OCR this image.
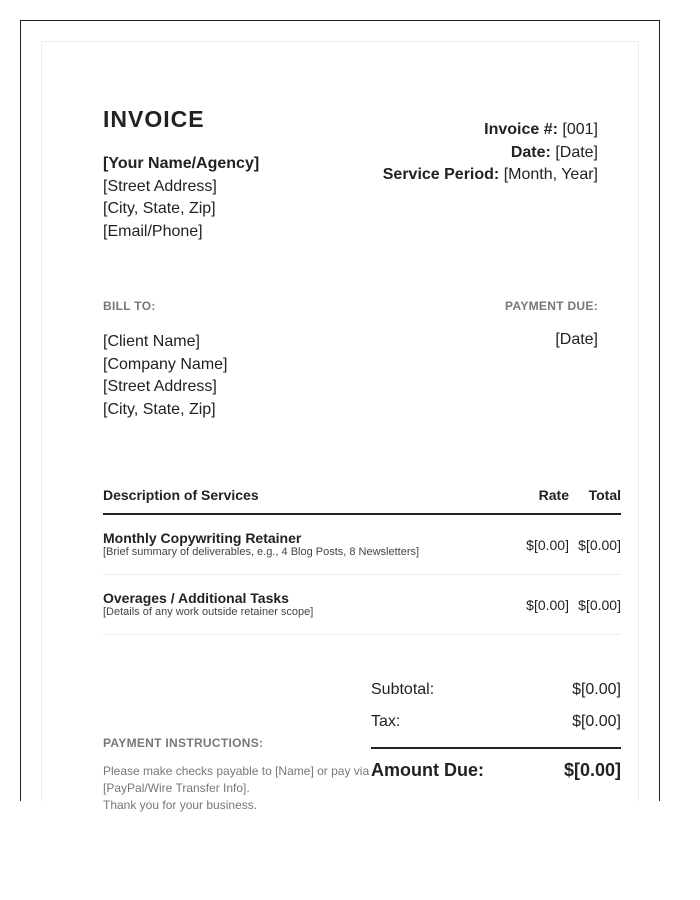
INVOICE
[Your Name/Agency]
[Street Address]
[City, State, Zip]
[Email/Phone]
Invoice #: [001]
Date: [Date]
Service Period: [Month, Year]
BILL TO:	PAYMENT DUE:
[Client Name]
[Company Name]
[Street Address]
[City, State, Zip]
[Date]
Description of Services	Rate Total
Monthly Copywriting Retainer
[Brief summary of deliverables, e.g., 4 Blog Posts, 8 Newsletters]	$[0.00] $[0.00]
Overages / Additional Tasks
[Details of any work outside retainer scope]	$[0.00] $[0.00]
PAYMENT INSTRUCTIONS:
Please make checks payable to [Name] or pay via
[PayPal/Wire Transfer Info].
Thank you for your business.
Subtotal:	$[0.00]
Tax:	$[0.00]
Amount Due:	$[0.00]
